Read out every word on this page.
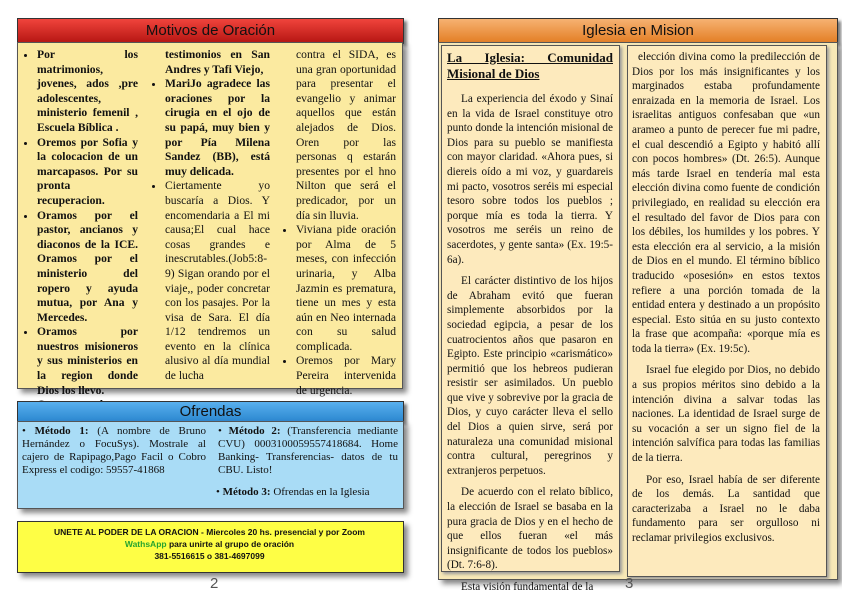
Motivos de Oración
• Por los matrimonios, jovenes, ados ,pre adolescentes, ministerio femenil , Escuela Bíblica .
• Oremos por Sofia y la colocacion de un marcapasos. Por su pronta recuperacion.
• Oramos por el pastor, ancianos y diaconos de la ICE. Oramos por el ministerio del ropero y ayuda mutua, por Ana y Mercedes.
• Oramos por nuestros misioneros y sus ministerios en la region donde Dios los llevo.
•

testimonios en San Andres y Tafi Viejo,

• MariJo agradece las oraciones por la cirugia en el ojo de su papá, muy bien y por Pía Milena Sandez (BB), está muy delicada.
• Ciertamente yo buscaría a Dios. Y encomendaria a El mi causa;El cual hace cosas grandes e inescrutables.(Job5:8-9) Sigan orando por el viaje,, poder concretar con los pasajes. Por la visa de Sara. El día 1/12 tendremos un evento en la clínica alusivo al día mundial de lucha

contra el SIDA, es una gran oportunidad para presentar el evangelio y animar aquellos que están alejados de Dios. Oren por las personas q estarán presentes por el hno Nilton que será el predicador, por un día sin lluvia.

• Viviana pide oración por Alma de 5 meses, con infección urinaria, y Alba Jazmin es prematura, tiene un mes y esta aún en Neo internada con su salud complicada.
• Oremos por Mary Pereira intervenida de urgencia.
Ofrendas
• Método 1: (A nombre de Bruno Hernández o FocuSys). Mostrale al cajero de Rapipago,Pago Facil o Cobro Express el codigo: 59557-41868
• Método 2: (Transferencia mediante CVU) 0003100059557418684. Home Banking- Transferencias- datos de tu CBU. Listo!
• Método 3: Ofrendas en la Iglesia
UNETE AL PODER DE LA ORACION - Miercoles 20 hs. presencial y por Zoom
WathsApp para unirte al grupo de oración
381-5516615 o 381-4697099
2
Iglesia en Mision
La Iglesia: Comunidad Misional de Dios

La experiencia del éxodo y Sinaí en la vida de Israel constituye otro punto donde la intención misional de Dios para su pueblo se manifiesta con mayor claridad. «Ahora pues, si diereis oído a mi voz, y guardareis mi pacto, vosotros seréis mi especial tesoro sobre todos los pueblos ; porque mía es toda la tierra. Y vosotros me seréis un reino de sacerdotes, y gente santa» (Ex. 19:5-6a).

El carácter distintivo de los hijos de Abraham evitó que fueran simplemente absorbidos por la sociedad egipcia, a pesar de los cuatrocientos años que pasaron en Egipto. Este principio «carismático» permitió que los hebreos pudieran resistir ser asimilados. Un pueblo que vive y sobrevive por la gracia de Dios, y cuyo carácter lleva el sello del Dios a quien sirve, será por naturaleza una comunidad misional contra cultural, peregrinos y extranjeros perpetuos.

De acuerdo con el relato bíblico, la elección de Israel se basaba en la pura gracia de Dios y en el hecho de que ellos fueran «el más insignificante de todos los pueblos» (Dt. 7:6-8).

Esta visión fundamental de la

elección divina como la predilección de Dios por los más insignificantes y los marginados estaba profundamente enraizada en la memoria de Israel. Los israelitas antiguos confesaban que «un arameo a punto de perecer fue mi padre, el cual descendió a Egipto y habitó allí con pocos hombres» (Dt. 26:5). Aunque más tarde Israel en tendería mal esta elección divina como fuente de condición privilegiado, en realidad su elección era el resultado del favor de Dios para con los débiles, los humildes y los pobres. Y esta elección era al servicio, a la misión de Dios en el mundo. El término bíblico traducido «posesión» en estos textos refiere a una porción tomada de la entidad entera y destinado a un propósito especial. Esto sitúa en su justo contexto la frase que acompaña: «porque mía es toda la tierra» (Ex. 19:5c).

Israel fue elegido por Dios, no debido a sus propios méritos sino debido a la intención divina a salvar todas las naciones. La identidad de Israel surge de su vocación a ser un signo fiel de la intención salvífica para todas las familias de la tierra.

Por eso, Israel había de ser diferente de los demás. La santidad que caracterizaba a Israel no le daba fundamento para ser orgulloso ni reclamar privilegios exclusivos.

3
